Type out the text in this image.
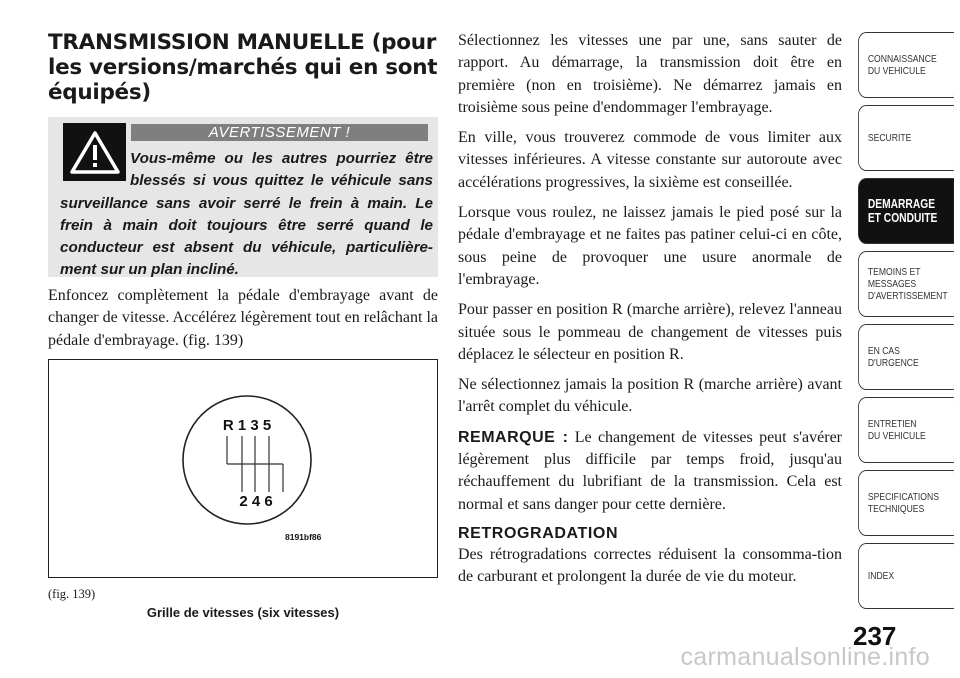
TRANSMISSION MANUELLE (pour
les versions/marchés qui en sont
équipés)
AVERTISSEMENT !

Vous-même ou les autres pourriez être blessés si vous quittez le véhicule sans surveillance sans avoir serré le frein à main. Le frein à main doit toujours être serré quand le conducteur est absent du véhicule, particulière-ment sur un plan incliné.

Enfoncez complètement la pédale d'embrayage avant de changer de vitesse. Accélérez légèrement tout en relâchant la pédale d'embrayage. (fig. 139)

R 1 3 5
2 4 6
8191bf86
(fig. 139)
Grille de vitesses (six vitesses)

Sélectionnez les vitesses une par une, sans sauter de rapport. Au démarrage, la transmission doit être en première (non en troisième). Ne démarrez jamais en troisième sous peine d'endommager l'embrayage.

En ville, vous trouverez commode de vous limiter aux vitesses inférieures. A vitesse constante sur autoroute avec accélérations progressives, la sixième est conseillée.

Lorsque vous roulez, ne laissez jamais le pied posé sur la pédale d'embrayage et ne faites pas patiner celui-ci en côte, sous peine de provoquer une usure anormale de l'embrayage.

Pour passer en position R (marche arrière), relevez l'anneau située sous le pommeau de changement de vitesses puis déplacez le sélecteur en position R.

Ne sélectionnez jamais la position R (marche arrière) avant l'arrêt complet du véhicule.

REMARQUE : Le changement de vitesses peut s'avérer légèrement plus difficile par temps froid, jusqu'au réchauffement du lubrifiant de la transmission. Cela est normal et sans danger pour cette dernière.

RETROGRADATION

Des rétrogradations correctes réduisent la consomma-tion de carburant et prolongent la durée de vie du moteur.

CONNAISSANCE
DU VEHICULE
SECURITE
DEMARRAGE
ET CONDUITE
TEMOINS ET
MESSAGES
D'AVERTISSEMENT
EN CAS
D'URGENCE
ENTRETIEN
DU VEHICULE
SPECIFICATIONS
TECHNIQUES
INDEX
237
carmanualsonline.info
